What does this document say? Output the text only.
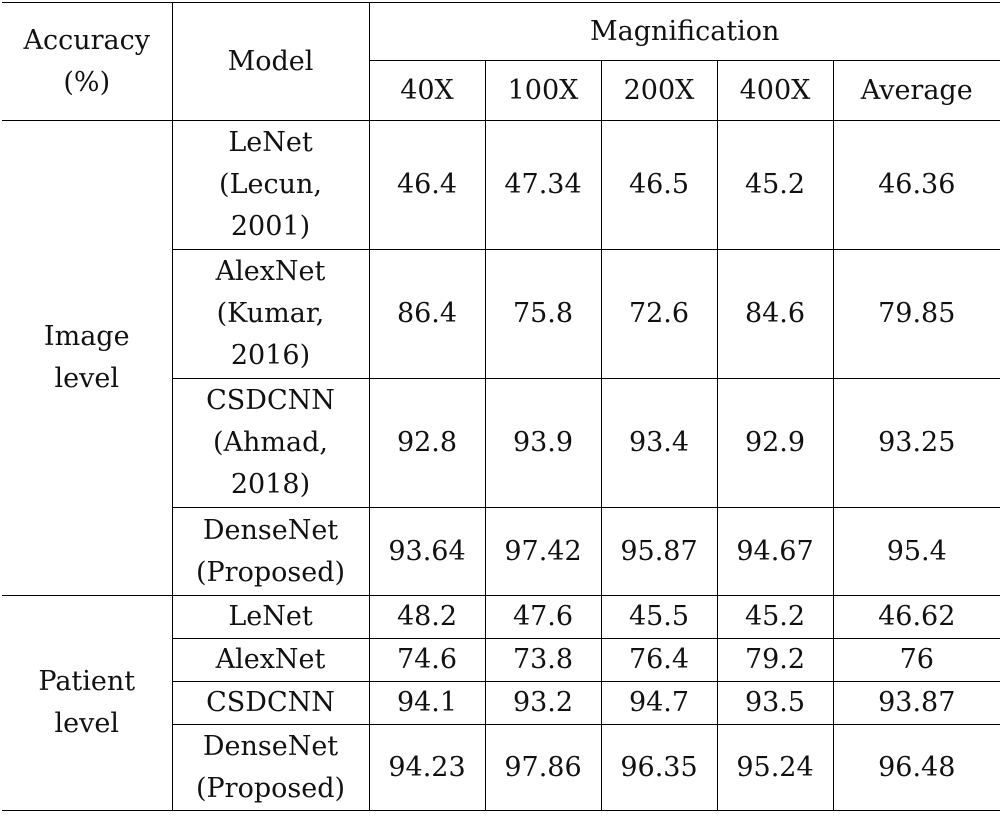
Accuracy
(%)	Model	Magnification				
		40X	100X	200X	400X	Average

Image
level	LeNet
(Lecun,
2001)	46.4	47.34	46.5	45.2	46.36

	AlexNet
(Kumar,
2016)	86.4	75.8	72.6	84.6	79.85

	CSDCNN
(Ahmad,
2018)	92.8	93.9	93.4	92.9	93.25

	DenseNet
(Proposed)	93.64	97.42	95.87	94.67	95.4

Patient
level	LeNet	48.2	47.6	45.5	45.2	46.62
	AlexNet	74.6	73.8	76.4	79.2	76
	CSDCNN	94.1	93.2	94.7	93.5	93.87

	DenseNet
(Proposed)	94.23	97.86	96.35	95.24	96.48
